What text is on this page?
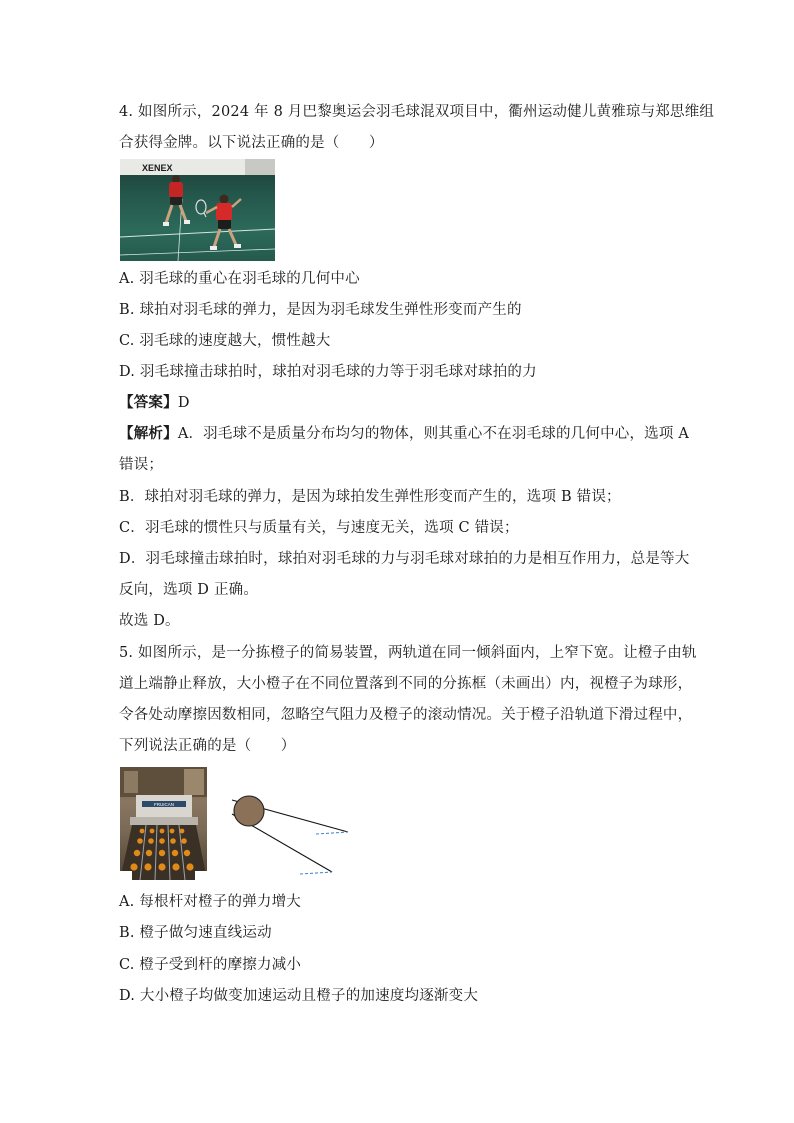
4. 如图所示，2024 年 8 月巴黎奥运会羽毛球混双项目中，衢州运动健儿黄雅琼与郑思维组
合获得金牌。以下说法正确的是（　　）
XENEX
A. 羽毛球的重心在羽毛球的几何中心
B. 球拍对羽毛球的弹力，是因为羽毛球发生弹性形变而产生的
C. 羽毛球的速度越大，惯性越大
D. 羽毛球撞击球拍时，球拍对羽毛球的力等于羽毛球对球拍的力
【答案】D
【解析】A．羽毛球不是质量分布均匀的物体，则其重心不在羽毛球的几何中心，选项 A
错误；
B．球拍对羽毛球的弹力，是因为球拍发生弹性形变而产生的，选项 B 错误；
C．羽毛球的惯性只与质量有关，与速度无关，选项 C 错误；
D．羽毛球撞击球拍时，球拍对羽毛球的力与羽毛球对球拍的力是相互作用力，总是等大
反向，选项 D 正确。
故选 D。
5. 如图所示，是一分拣橙子的简易装置，两轨道在同一倾斜面内，上窄下宽。让橙子由轨
道上端静止释放，大小橙子在不同位置落到不同的分拣框（未画出）内，视橙子为球形，
令各处动摩擦因数相同，忽略空气阻力及橙子的滚动情况。关于橙子沿轨道下滑过程中，
下列说法正确的是（　　）
FRUICAN
A. 每根杆对橙子的弹力增大
B. 橙子做匀速直线运动
C. 橙子受到杆的摩擦力减小
D. 大小橙子均做变加速运动且橙子的加速度均逐渐变大
